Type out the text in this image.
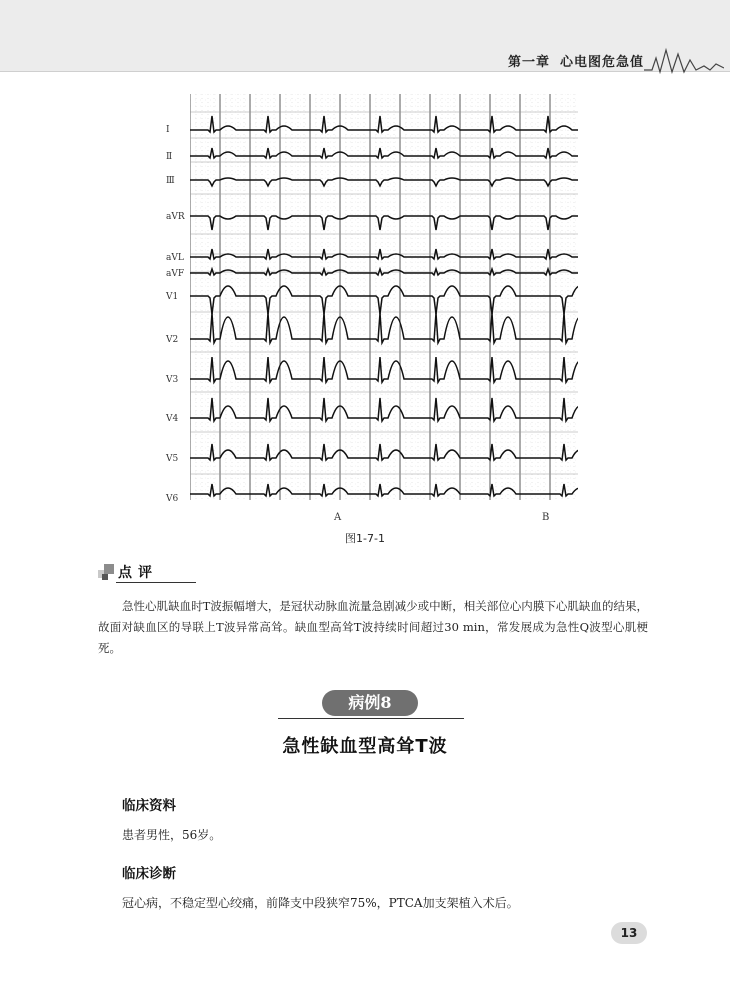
第一章 心电图危急值
Ⅰ
Ⅱ
Ⅲ
aVR
aVL
aVF
V1
V2
V3
V4
V5
V6
A	B
图1-7-1
点评

急性心肌缺血时T波振幅增大，是冠状动脉血流量急剧减少或中断，相关部位心内膜下心肌缺血的结果，故面对缺血区的导联上T波异常高耸。缺血型高耸T波持续时间超过30 min，常发展成为急性Q波型心肌梗死。

病例8
急性缺血型高耸T波
临床资料
患者男性，56岁。
临床诊断
冠心病，不稳定型心绞痛，前降支中段狭窄75%，PTCA加支架植入术后。
13
